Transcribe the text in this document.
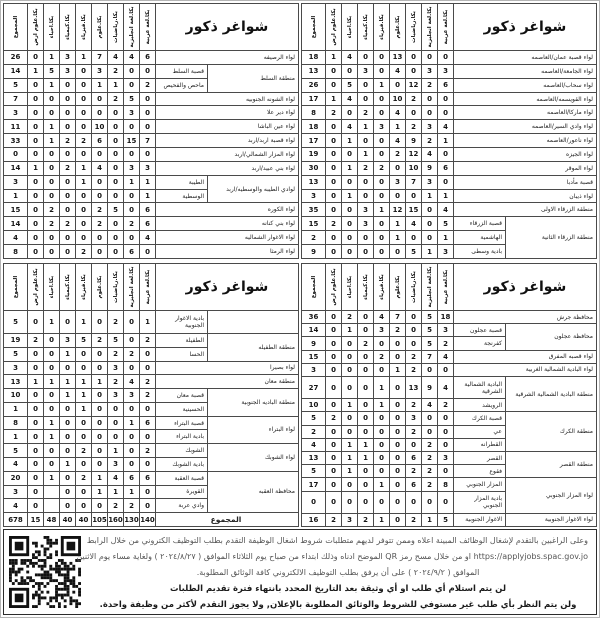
شواغر ذكور		بكا.لغة عربية	بكا.لغة انجليزية	بكا.رياضيات	بكا.علوم	بكا.فيزياء	بكا.كيمياء	بكا.احياء	بكا.علوم ارض	المجموع

لواء قصبة عمان/العاصمه		0	0	0	13	0	0	4	1	18
لواء الجامعة/العاصمه		3	3	0	4	0	3	0	0	13
لواء سحاب/العاصمه		6	2	12	0	1	0	5	0	26
لواء القويسمه/العاصمه		0	0	2	10	0	0	4	1	17
لواء ماركا/العاصمه		0	0	0	4	0	2	0	2	8
لواء وادي السير/العاصمه		4	3	2	1	3	1	4	0	18
لواء ناعور/العاصمه		1	2	9	4	0	0	1	0	17
لواء الجيزه		0	4	12	2	0	1	0	0	19
لواء الموقر		6	9	10	0	2	2	1	0	30
قصبة مأدبا		0	3	7	3	0	0	0	0	13
لواء ذيبان		1	1	0	0	0	0	1	0	3
منطقة الزرقاء الاولى		4	0	15	12	1	3	0	0	35
منطقة الزرقاء الثانية	قصبة الزرقاء	5	0	4	1	0	3	0	2	15
	الهاشمية	1	0	0	1	0	0	0	0	2
	بادية وسطى	3	1	5	0	0	0	0	0	9
شواغر ذكور		بكا.لغة عربية	بكا.لغة انجليزية	بكا.رياضيات	بكا.علوم	بكا.فيزياء	بكا.كيمياء	بكا.احياء	بكا.علوم ارض	المجموع

لواء الرصيفه		6	4	4	7	1	3	1	0	26
منطقة السلط	قصبة السلط	0	0	2	3	0	3	5	1	14
	ماحص والفحيص	2	0	1	1	0	0	1	0	5
لواء الشونه الجنوبيه		0	5	2	0	0	0	0	0	7
لواء دير علا		0	3	0	0	0	0	0	0	3
لواء عين الباشا		0	0	0	10	0	0	1	0	11
لواء قصبة اربد/اربد		7	15	0	6	2	2	1	0	33
لواء المزار الشمالي/اربد		0	0	0	0	0	0	0	0	0
لواء بني عبيد/اربد		3	3	0	4	1	2	0	1	14
لوادي الطيبه والوسطيه/اربد	الطيبة	1	1	0	0	1	0	0	0	3
	الوسطية	1	0	0	0	0	0	0	0	1
لواء الكوره		6	0	5	2	0	0	2	0	15
لواء بني كنانه		6	2	0	2	0	2	2	0	14
لواء الاغوار الشماليه		4	0	0	0	0	0	0	0	4
لواء الرمثا		0	6	0	0	2	0	0	0	8
شواغر ذكور		بكا.لغة عربية	بكا.لغة انجليزية	بكا.رياضيات	بكا.علوم	بكا.فيزياء	بكا.كيمياء	بكا.احياء	بكا.علوم ارض	المجموع

محافظة جرش		18	5	0	7	4	0	2	0	36
محافظة عجلون	قصبة عجلون	3	5	0	2	3	0	1	0	14
	كفرنجة	2	5	0	0	0	2	0	0	9
لواء قصبه المفرق		4	7	2	0	2	0	0	0	15
لواء البادية الشمالية الغربية		0	0	2	1	0	0	0	0	3
منطقة البادية الشمالية الشرقية	البادية الشمالية الشرقية	4	9	13	0	1	0	0	0	27
	الرويشد	2	4	2	0	1	0	1	0	10
منطقة الكرك	قصبة الكرك	0	0	3	0	0	0	0	2	5
	عي	0	0	2	0	0	0	0	0	2
	القطرانه	0	2	0	0	0	1	1	0	4
منطقة القصر	القصر	3	2	6	0	0	1	1	0	13
	فقوع	0	2	2	0	0	0	1	0	5
لواء المزار الجنوبي	المزار الجنوبي	8	2	6	0	1	0	0	0	17
	بادية المزار الجنوبي	0	0	0	0	0	0	0	0	0
لواء الاغوار الجنوبية	الاغوار الجنوبية	5	1	2	0	1	2	3	2	16
شواغر ذكور		بكا.لغة عربية	بكا.لغة انجليزية	بكا.رياضيات	بكا.علوم	بكا.فيزياء	بكا.كيمياء	بكا.احياء	بكا.علوم ارض	المجموع

	بادية الاغوار الجنوبية	1	0	2	0	1	0	1	0	5
منطقة الطفيله	الطفيلة	2	0	5	2	5	3	0	2	19
	الحسا	0	2	2	0	0	1	0	0	5
لواء بصيرا		0	0	3	0	0	0	0	0	3
منطقة معان		2	4	2	1	1	1	1	1	13
منطقة الباديه الجنوبية	قصبة معان	2	3	3	0	1	1	0	0	10
	الحسينية	0	0	0	0	1	0	0	0	1
لواء البتراء	قصبة البتراء	6	1	0	0	0	0	1	0	8
	بادية البتراء	0	0	0	0	0	0	1	0	1
لواء الشوبك	الشوبك	2	0	1	0	2	0	0	0	5
	بادية الشوبك	0	0	3	0	0	1	0	0	4
محافظة العقبه	قصبة العقبة	6	6	4	1	2	0	1	0	20
	القويرة	0	1	1	1	0	0		0	3
	وادي عربة	0	2	2	0	0	0		0	4
المجموع		140	130	160	105	40	40	48	15	678
وعلى الراغبين بالتقدم لإشغال الوظائف المبينة اعلاه وممن تتوفر لديهم متطلبات شروط اشغال الوظيفة التقدم بطلب التوظيف الكتروني من خلال الرابط
https://applyjobs.spac.gov.jo او من خلال مسح رمز QR الموضح ادناه وذلك ابتداء من صباح يوم الثلاثاء الموافق ( ٢٠٢٤/٨/٢٧ ) ولغاية مساء يوم الاثنين
الموافق ( ٢٠٢٤/٩/٢ ) على أن يرفق بطلب التوظيف الالكتروني كافة الوثائق المطلوبة.
لن يتم استلام أي طلب او أي وثيقة بعد التاريخ المحدد بانتهاء فترة تقديم الطلبات
ولن يتم النظر بأي طلب غير مستوفي للشروط والوثائق المطلوبة بالإعلان, ولا يجوز التقدم لأكثر من وظيفة واحدة.
